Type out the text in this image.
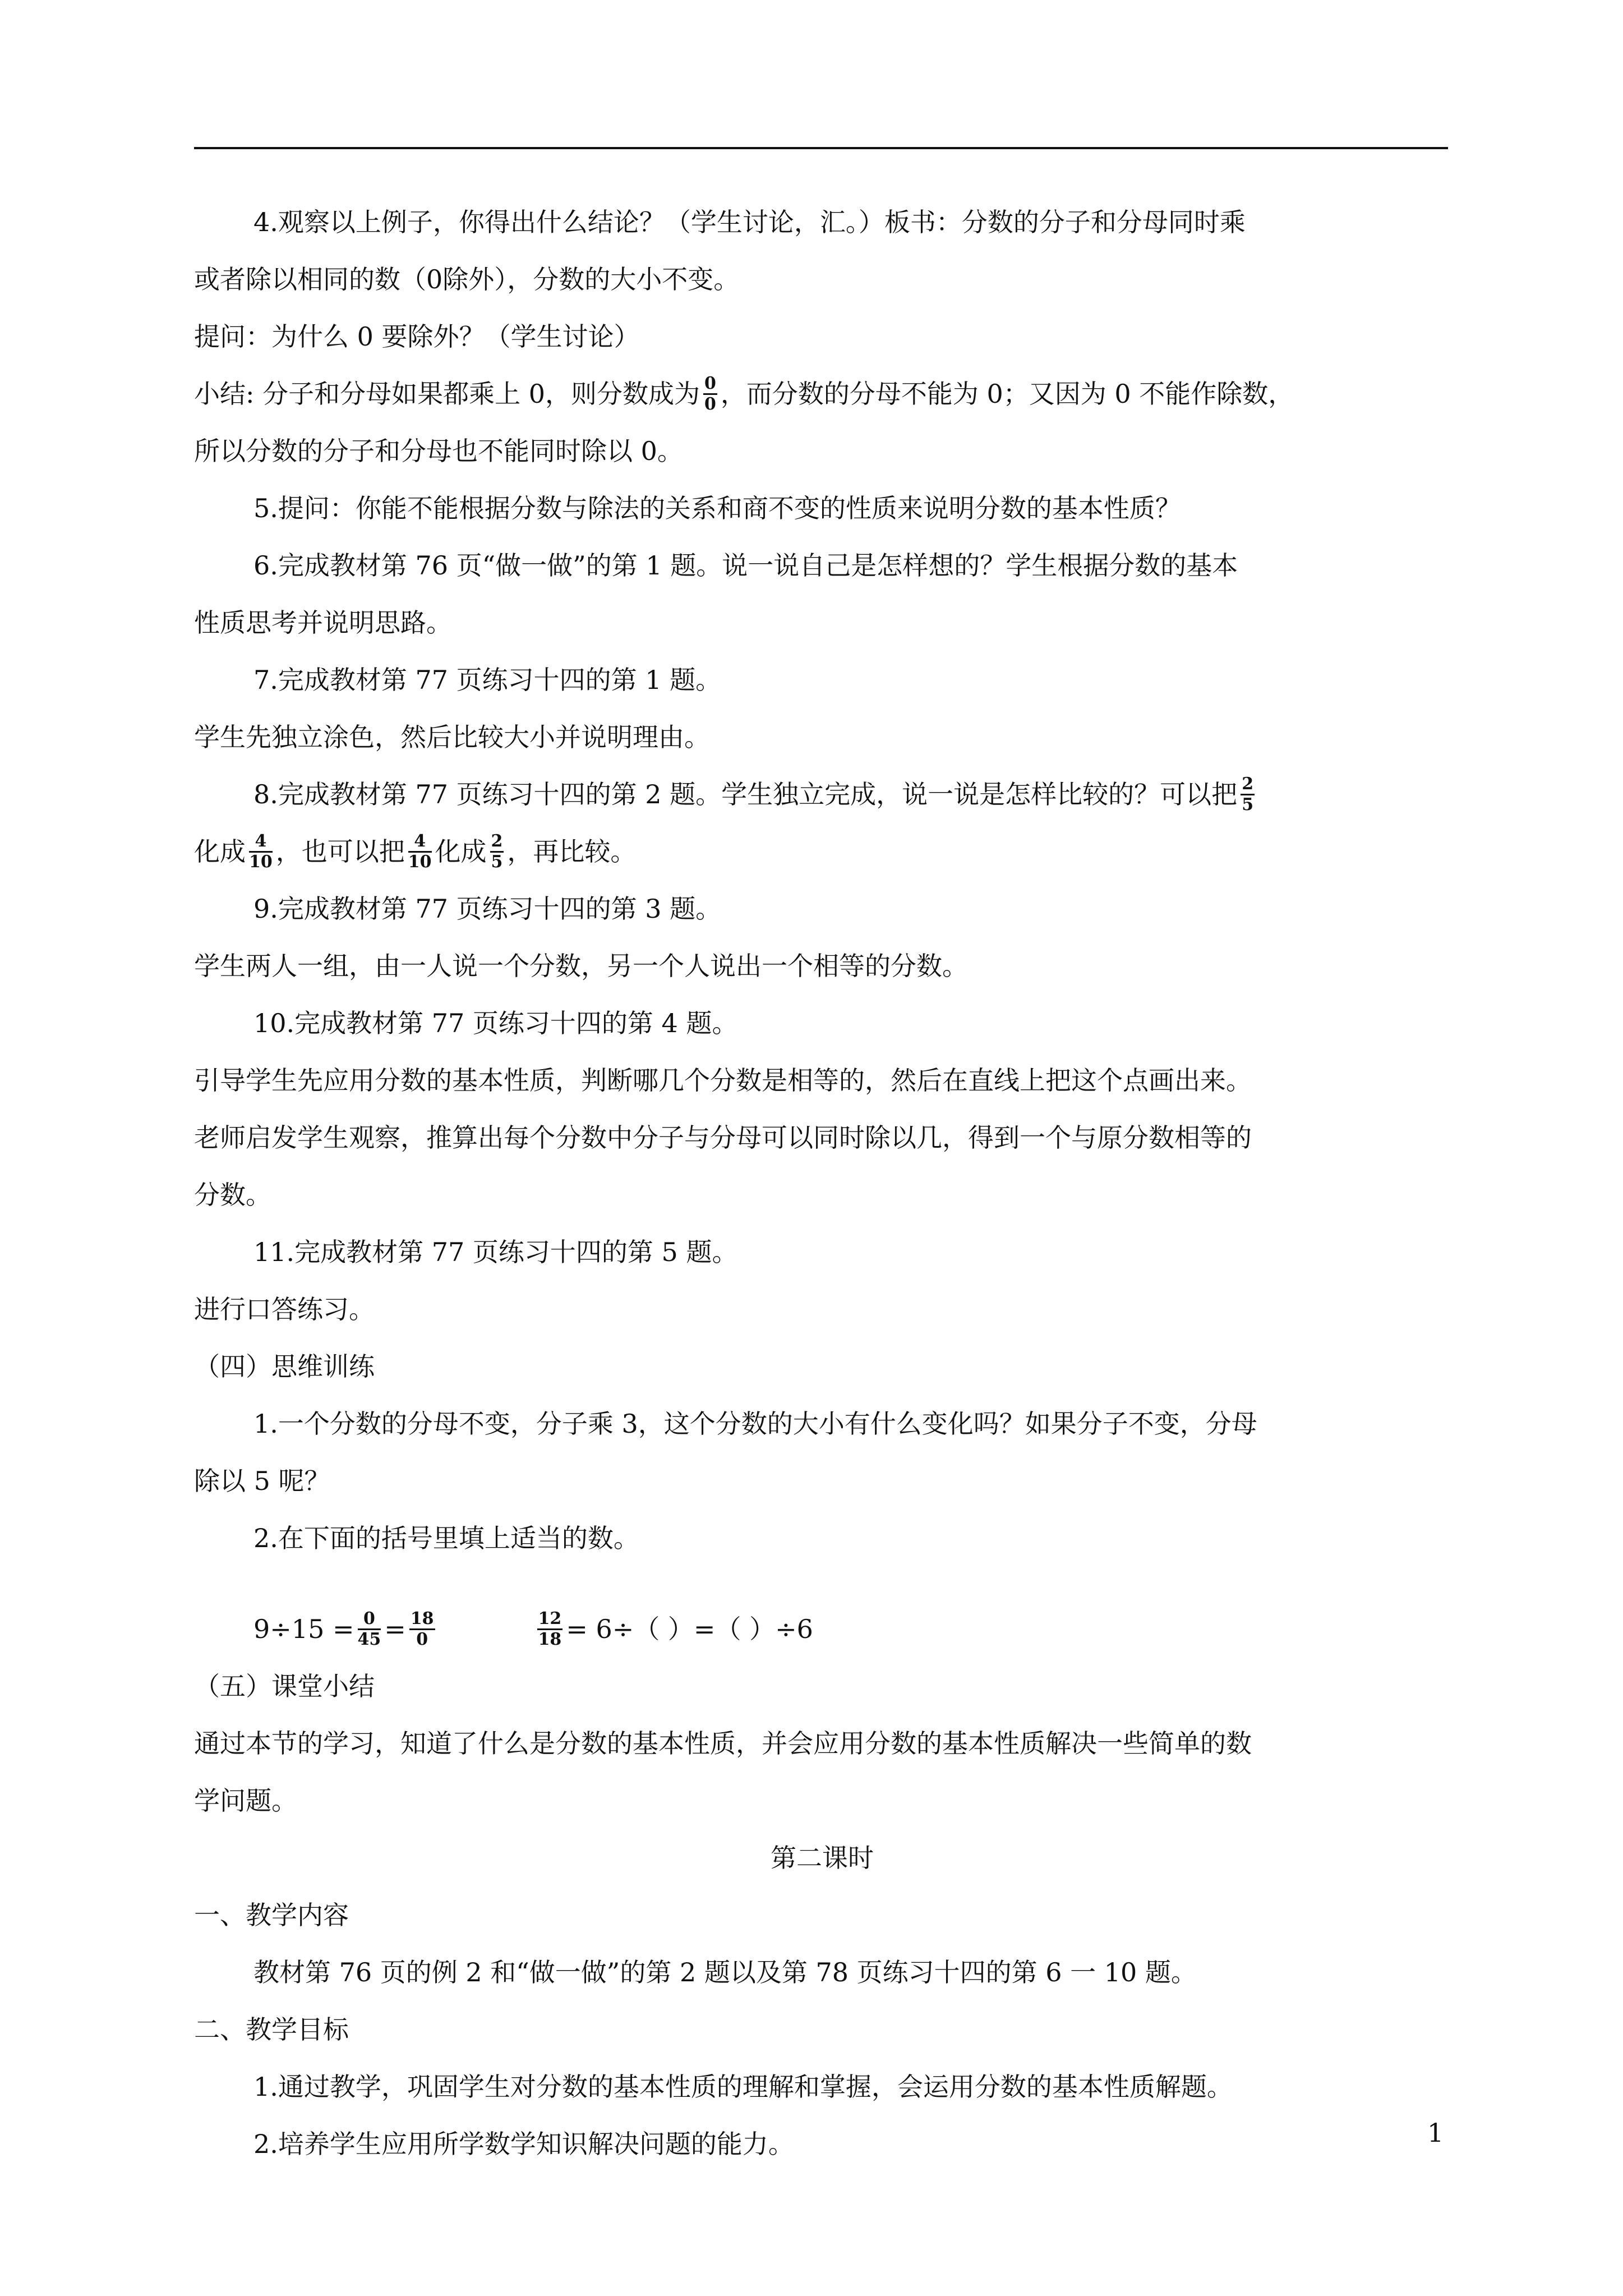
4.观察以上例子，你得出什么结论？（学生讨论，汇。）板书：分数的分子和分母同时乘

或者除以相同的数（0除外），分数的大小不变。

提问：为什么 0 要除外？（学生讨论）

小结: 分子和分母如果都乘上 0，则分数成为 $\frac{0}{0}$ ，而分数的分母不能为 0；又因为 0 不能作除数，

所以分数的分子和分母也不能同时除以 0。

5.提问：你能不能根据分数与除法的关系和商不变的性质来说明分数的基本性质？

6.完成教材第 76 页“做一做”的第 1 题。说一说自己是怎样想的？学生根据分数的基本

性质思考并说明思路。

7.完成教材第 77 页练习十四的第 1 题。

学生先独立涂色，然后比较大小并说明理由。

8.完成教材第 77 页练习十四的第 2 题。学生独立完成，说一说是怎样比较的？可以把 $\frac{2}{5}$

化成 $\frac{4}{10}$ ，也可以把 $\frac{4}{10}$ 化成 $\frac{2}{5}$ ，再比较。

9.完成教材第 77 页练习十四的第 3 题。

学生两人一组，由一人说一个分数，另一个人说出一个相等的分数。

10.完成教材第 77 页练习十四的第 4 题。

引导学生先应用分数的基本性质，判断哪几个分数是相等的，然后在直线上把这个点画出来。

老师启发学生观察，推算出每个分数中分子与分母可以同时除以几，得到一个与原分数相等的

分数。

11.完成教材第 77 页练习十四的第 5 题。

进行口答练习。

（四）思维训练

1.一个分数的分母不变，分子乘 3，这个分数的大小有什么变化吗？如果分子不变，分母

除以 5 呢？

2.在下面的括号里填上适当的数。

$9\div 15 = \frac{0}{45} = \frac{18}{0}$	$\frac{12}{18} = 6\div$（ ）=（ ）÷6

（五）课堂小结

通过本节的学习，知道了什么是分数的基本性质，并会应用分数的基本性质解决一些简单的数

学问题。

第二课时

一、教学内容

教材第 76 页的例 2 和“做一做”的第 2 题以及第 78 页练习十四的第 6 一 10 题。

二、教学目标

1.通过教学，巩固学生对分数的基本性质的理解和掌握，会运用分数的基本性质解题。

2.培养学生应用所学数学知识解决问题的能力。	1
